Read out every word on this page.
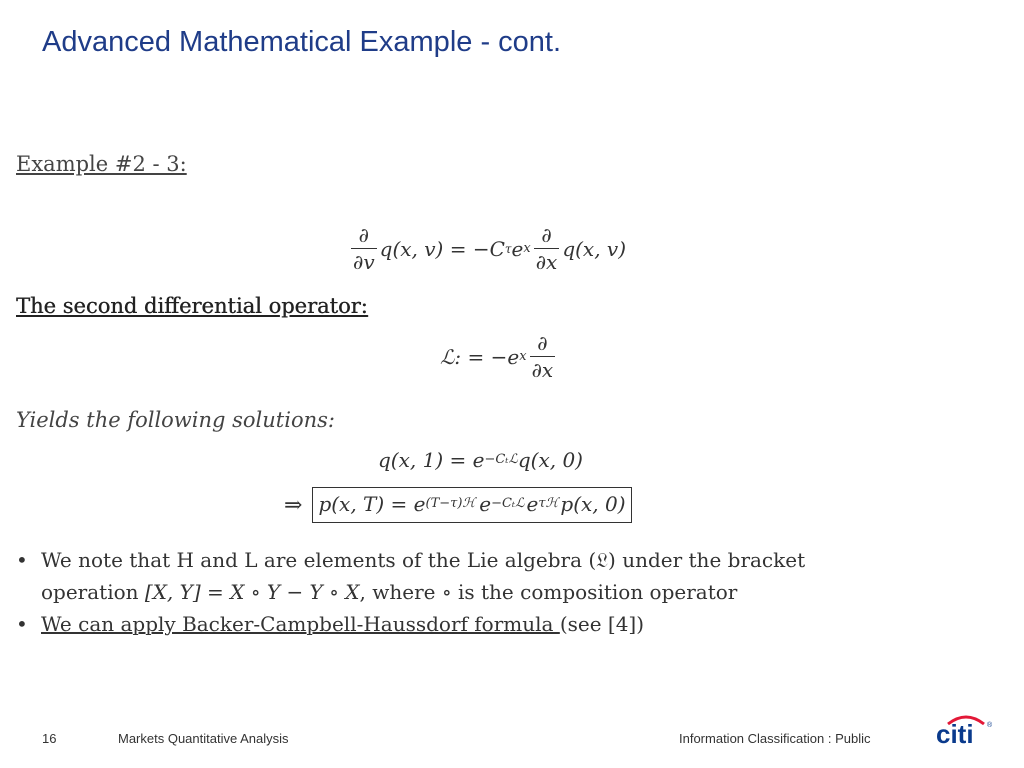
Advanced Mathematical Example - cont.
Example #2 - 3:
$\frac{\partial}{\partial v} q(x$, v) = −C τ e x $\frac{\partial}{\partial x} q(x$, v)
The second differential operator:
ℒ: = −e x $\frac{\partial}{\partial x}$
Yields the following solutions:
q(x, 1) = e −Cₜℒ q(x, 0)
⇒ p(x, T) = e (T−τ)ℋ e −Cₜℒ e τℋ p(x, 0)
• We note that H and L are elements of the Lie algebra (𝔏) under the bracket
operation [X, Y] = X ∘ Y − Y ∘ X, where ∘ is the composition operator
• We can apply Backer-Campbell-Haussdorf formula (see [4])
16	Markets Quantitative Analysis	Information Classification : Public	citi ®
